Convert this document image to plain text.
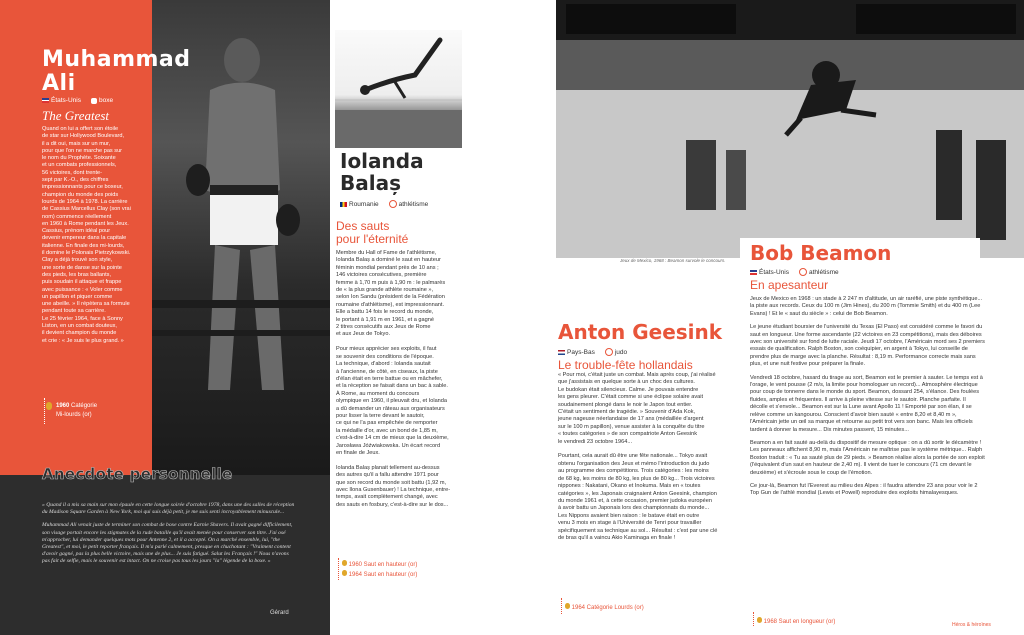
Muhammad
Ali
États-Unis	boxe
The Greatest
Quand on lui a offert son étoile
de star sur Hollywood Boulevard,
il a dit oui, mais sur un mur,
pour que l'on ne marche pas sur
le nom du Prophète. Soixante
et un combats professionnels,
56 victoires, dont trente-
sept par K.-O., des chiffres
impressionnants pour ce boxeur,
champion du monde des poids
lourds de 1964 à 1978. La carrière
de Cassius Marcellus Clay (son vrai
nom) commence réellement
en 1960 à Rome pendant les Jeux.
Cassius, prénom idéal pour
devenir empereur dans la capitale
italienne. En finale des mi-lourds,
il domine le Polonais Pietrzykowski.
Clay a déjà trouvé son style,
une sorte de danse sur la pointe
des pieds, les bras ballants,
puis soudain il attaque et frappe
avec puissance : « Voler comme
un papillon et piquer comme
une abeille. » Il répètera sa formule
pendant toute sa carrière.
Le 25 février 1964, face à Sonny
Liston, en un combat douteux,
il devient champion du monde
et crie : « Je suis le plus grand. »
1960 Catégorie
Mi-lourds (or)
Anecdote personnelle

« Quand il a mis sa main sur mon épaule en cette longue soirée d'octobre 1978, dans une des salles de réception du Madison Square Garden à New York, moi qui suis déjà petit, je me suis senti incroyablement minuscule...

Muhammad Ali venait juste de terminer son combat de boxe contre Earnie Shavers. Il avait gagné difficilement, son visage portait encore les stigmates de la rude bataille qu'il avait menée pour conserver son titre. J'ai osé m'approcher, lui demander quelques mots pour Antenne 2, et il a accepté. On a marché ensemble, lui, "the Greatest", et moi, le petit reporter français. Il m'a parlé calmement, presque en chuchotant : "Vraiment content d'avoir gagné, pas la plus belle victoire, mais une de plus... Je suis fatigué. Salut les Français !" Nous n'avons pas fait de selfie, mais le souvenir est intact. On ne croise pas tous les jours "la" légende de la boxe. »

Gérard
Iolanda
Balaș
Roumanie	athlétisme
Des sauts
pour l'éternité
Membre du Hall of Fame de l'athlétisme,
Iolanda Balaș a dominé le saut en hauteur
féminin mondial pendant près de 10 ans ;
146 victoires consécutives, première
femme à 1,70 m puis à 1,90 m : le palmarès
de « la plus grande athlète roumaine »,
selon Ion Sandu (président de la Fédération
roumaine d'athlétisme), est impressionnant.
Elle a battu 14 fois le record du monde,
le portant à 1,91 m en 1961, et a gagné
2 titres consécutifs aux Jeux de Rome
et aux Jeux de Tokyo.

Pour mieux apprécier ses exploits, il faut
se souvenir des conditions de l'époque.
La technique, d'abord : Iolanda sautait
à l'ancienne, de côté, en ciseaux, la piste
d'élan était en terre battue ou en mâchefer,
et la réception se faisait dans un bac à sable.
À Rome, au moment du concours
olympique en 1960, il pleuvait dru, et Iolanda
a dû demander un râteau aux organisateurs
pour lisser la terre devant le sautoir,
ce qui ne l'a pas empêchée de remporter
la médaille d'or, avec un bond de 1,85 m,
c'est-à-dire 14 cm de mieux que la deuxième,
Jarosława Jóźwiakowska. Un écart record
en finale de Jeux.

Iolanda Balaș planait tellement au-dessus
des autres qu'il a fallu attendre 1971 pour
que son record du monde soit battu (1,92 m,
avec Ilona Gusenbauer) ! La technique, entre-
temps, avait complètement changé, avec
des sauts en fosbury, c'est-à-dire sur le dos...
1960 Saut en hauteur (or)
1964 Saut en hauteur (or)
Jeux de Mexico, 1968 : Beamon survole le concours.
Anton Geesink
Pays-Bas	judo
Le trouble-fête hollandais
« Pour moi, c'était juste un combat. Mais après coup, j'ai réalisé
que j'assistais en quelque sorte à un choc des cultures.
Le budokan était silencieux. Calme. Je pouvais entendre
les gens pleurer. C'était comme si une éclipse solaire avait
soudainement plongé dans le noir le Japon tout entier.
C'était un sentiment de tragédie. » Souvenir d'Ada Kok,
jeune nageuse néerlandaise de 17 ans (médaillée d'argent
sur le 100 m papillon), venue assister à la conquête du titre
« toutes catégories » de son compatriote Anton Geesink
le vendredi 23 octobre 1964...

Pourtant, cela aurait dû être une fête nationale... Tokyo avait
obtenu l'organisation des Jeux et mémo l'introduction du judo
au programme des compétitions. Trois catégories : les moins
de 68 kg, les moins de 80 kg, les plus de 80 kg... Trois victoires
nippones : Nakatani, Okano et Inokuma. Mais en « toutes
catégories », les Japonais craignaient Anton Geesink, champion
du monde 1961 et, à cette occasion, premier judoka européen
à avoir battu un Japonais lors des championnats du monde...
Les Nippons avaient bien raison : le batave était en outre
venu 3 mois en stage à l'Université de Tenri pour travailler
spécifiquement sa technique au sol... Résultat : c'est par une clé
de bras qu'il a vaincu Akio Kaminaga en finale !
1964 Catégorie Lourds (or)
Bob Beamon
États-Unis	athlétisme
En apesanteur

Jeux de Mexico en 1968 : un stade à 2 247 m d'altitude, un air raréfié, une piste synthétique... la piste aux records. Ceux du 100 m (Jim Hines), du 200 m (Tommie Smith) et du 400 m (Lee Evans) ! Et le « saut du siècle » : celui de Bob Beamon.

Le jeune étudiant boursier de l'université du Texas (El Paso) est considéré comme le favori du saut en longueur. Une forme ascendante (22 victoires en 23 compétitions), mais des déboires avec son université sur fond de lutte raciale. Jeudi 17 octobre, l'Américain mord ses 2 premiers essais de qualification. Ralph Boston, son coéquipier, en argent à Tokyo, lui conseille de prendre plus de marge avec la planche. Résultat : 8,19 m. Performance correcte mais sans plus, et une nuit festive pour préparer la finale.

Vendredi 18 octobre, hasard du tirage au sort, Beamon est le premier à sauter. Le temps est à l'orage, le vent pousse (2 m/s, la limite pour homologuer un record)... Atmosphère électrique pour coup de tonnerre dans le monde du sport. Beamon, dossard 254, s'élance. Des foulées fluides, amples et fréquentes. Il arrive à pleine vitesse sur le sautoir. Planche parfaite. Il décolle et s'envole... Beamon est sur la Lune avant Apollo 11 ! Emporté par son élan, il se relève comme un kangourou. Conscient d'avoir bien sauté « entre 8,20 et 8,40 m », l'Américain jette un œil sa marque et retourne au petit trot vers son banc. Mais les officiels tardent à donner la mesure... Dix minutes passent, 15 minutes...

Beamon a en fait sauté au-delà du dispositif de mesure optique : on a dû sortir le décamètre ! Les panneaux affichent 8,90 m, mais l'Américain ne maîtrise pas le système métrique... Ralph Boston traduit : « Tu as sauté plus de 29 pieds. » Beamon réalise alors la portée de son exploit (l'équivalent d'un saut en hauteur de 2,40 m). Il vient de tuer le concours (71 cm devant le deuxième) et s'écroule sous le coup de l'émotion.

Ce jour-là, Beamon fut l'Everest au milieu des Alpes : il faudra attendre 23 ans pour voir le 2 Top Gun de l'athlé mondial (Lewis et Powell) reproduire des exploits himalayesques.

1968 Saut en longueur (or)	Héros & héroïnes
